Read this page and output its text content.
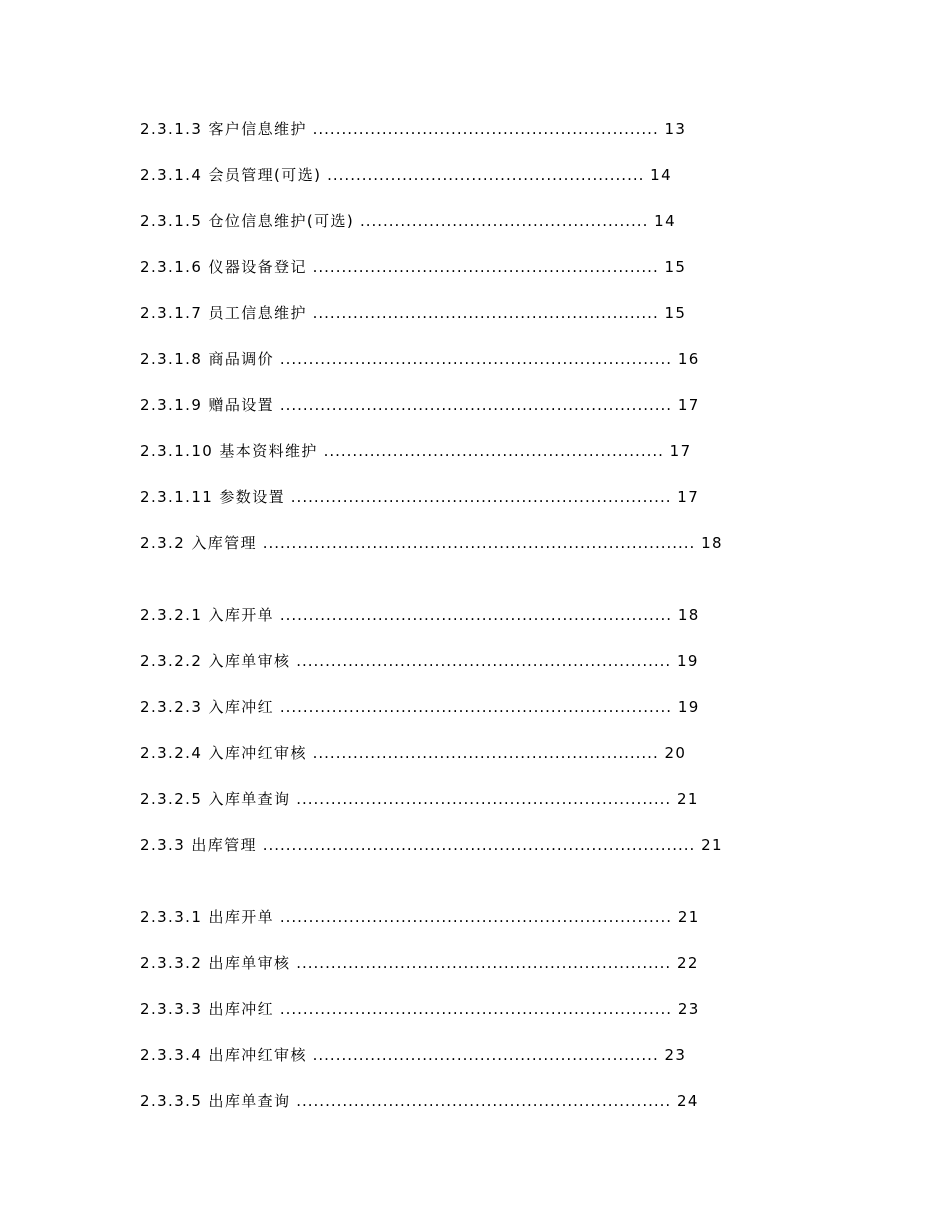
2.3.1.3 客户信息维护 ............................................................ 13
2.3.1.4 会员管理(可选) ....................................................... 14
2.3.1.5 仓位信息维护(可选) .................................................. 14
2.3.1.6 仪器设备登记 ............................................................ 15
2.3.1.7 员工信息维护 ............................................................ 15
2.3.1.8 商品调价 .................................................................... 16
2.3.1.9 赠品设置 .................................................................... 17
2.3.1.10 基本资料维护 ........................................................... 17
2.3.1.11 参数设置 .................................................................. 17
2.3.2 入库管理 ........................................................................... 18
2.3.2.1 入库开单 .................................................................... 18
2.3.2.2 入库单审核 ................................................................. 19
2.3.2.3 入库冲红 .................................................................... 19
2.3.2.4 入库冲红审核 ............................................................ 20
2.3.2.5 入库单查询 ................................................................. 21
2.3.3 出库管理 ........................................................................... 21
2.3.3.1 出库开单 .................................................................... 21
2.3.3.2 出库单审核 ................................................................. 22
2.3.3.3 出库冲红 .................................................................... 23
2.3.3.4 出库冲红审核 ............................................................ 23
2.3.3.5 出库单查询 ................................................................. 24
